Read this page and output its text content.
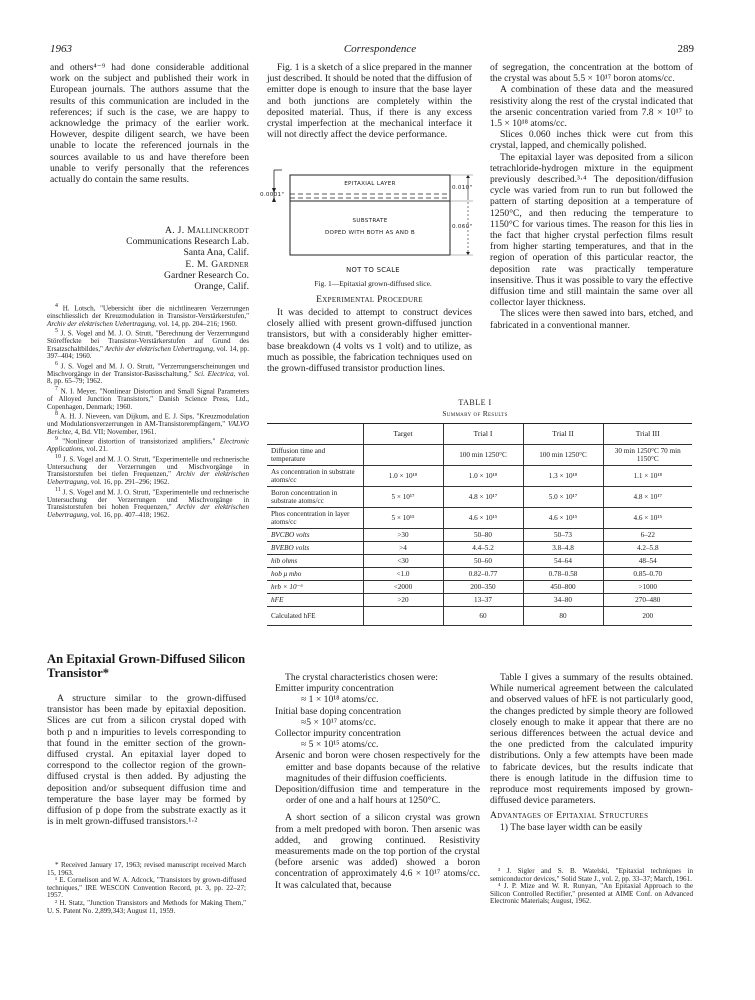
1963	Correspondence	289

and others⁴⁻⁹ had done considerable additional work on the subject and published their work in European journals. The authors assume that the results of this communication are included in the references; if such is the case, we are happy to acknowledge the primacy of the earlier work. However, despite diligent search, we have been unable to locate the referenced journals in the sources available to us and have therefore been unable to verify personally that the references actually do contain the same results.

A. J. Mallinckrodt
Communications Research Lab.
Santa Ana, Calif.
E. M. Gardner
Gardner Research Co.
Orange, Calif.

$^4$ H. Lotsch, "Uebersicht über die nichtlinearen Verzerrungen einschliesslich der Kreuzmodulation in Transistor-Verstärkerstufen," Archiv der elektrischen Uebertragung, vol. 14, pp. 204–216; 1960.

$^5$ J. S. Vogel and M. J. O. Strutt, "Berechnung der Verzerrungund Störeffeckte bei Transistor-Verstärkerstufen auf Grund des Ersatzschaltbildes," Archiv der elektrischen Uebertragung, vol. 14, pp. 397–404; 1960.

$^6$ J. S. Vogel and M. J. O. Strutt, "Verzerrungserscheinungen und Mischvorgänge in der Transistor-Basisschaltung," Sci. Electrica, vol. 8, pp. 65–79; 1962.

$^7$ N. I. Meyer, "Nonlinear Distortion and Small Signal Parameters of Alloyed Junction Transistors," Danish Science Press, Ltd., Copenhagen, Denmark; 1960.

$^8$ A. H. J. Nieveen, van Dijkum, and E. J. Sips, "Kreuzmodulation und Modulationsverzerrungen in AM-Transistorempfängern," VALVO Berichte, 4, Bd. VII; November, 1961.

$^9$ "Nonlinear distortion of transistorized amplifiers," Electronic Applications, vol. 21.

$^{10}$ J. S. Vogel and M. J. O. Strutt, "Experimentelle und rechnerische Untersuchung der Verzerrungen und Mischvorgänge in Transistorstufen bei tiefen Frequenzen," Archiv der elektrischen Uebertragung, vol. 16, pp. 291–296; 1962.

$^{11}$ J. S. Vogel and M. J. O. Strutt, "Experimentelle und rechnerische Untersuchung der Verzerrungen und Mischvorgänge in Transistorstufen bei hohen Frequenzen," Archiv der elektrischen Uebertragung, vol. 16, pp. 407–418; 1962.

Fig. 1 is a sketch of a slice prepared in the manner just described. It should be noted that the diffusion of emitter dope is enough to insure that the base layer and both junctions are completely within the deposited material. Thus, if there is any excess crystal imperfection at the mechanical interface it will not directly affect the device performance.

EPITAXIAL LAYER
SUBSTRATE
DOPED WITH BOTH AS AND B
0.0001"
0.010"
0.060"
NOT TO SCALE
Fig. 1—Epitaxial grown-diffused slice.
Experimental Procedure

It was decided to attempt to construct devices closely allied with present grown-diffused junction transistors, but with a considerably higher emitter-base breakdown (4 volts vs 1 volt) and to utilize, as much as possible, the fabrication techniques used on the grown-diffused transistor production lines.

of segregation, the concentration at the bottom of the crystal was about 5.5 × 10¹⁷ boron atoms/cc.

A combination of these data and the measured resistivity along the rest of the crystal indicated that the arsenic concentration varied from 7.8 × 10¹⁷ to 1.5 × 10¹⁸ atoms/cc.

Slices 0.060 inches thick were cut from this crystal, lapped, and chemically polished.

The epitaxial layer was deposited from a silicon tetrachloride-hydrogen mixture in the equipment previously described.³·⁴ The deposition/diffusion cycle was varied from run to run but followed the pattern of starting deposition at a temperature of 1250°C, and then reducing the temperature to 1150°C for various times. The reason for this lies in the fact that higher crystal perfection films result from higher starting temperatures, and that in the region of operation of this particular reactor, the deposition rate was practically temperature insensitive. Thus it was possible to vary the effective diffusion time and still maintain the same over all collector layer thickness.

The slices were then sawed into bars, etched, and fabricated in a conventional manner.

TABLE I
Summary of Results
	Target	Trial I	Trial II	Trial III
Diffusion time and temperature		100 min 1250°C	100 min 1250°C	30 min 1250°C 70 min 1150°C
As concentration in substrate atoms/cc	1.0 × 10¹⁸	1.0 × 10¹⁸	1.3 × 10¹⁸	1.1 × 10¹⁸
Boron concentration in substrate atoms/cc	5 × 10¹⁷	4.8 × 10¹⁷	5.0 × 10¹⁷	4.8 × 10¹⁷
Phos concentration in layer atoms/cc	5 × 10¹⁵	4.6 × 10¹⁵	4.6 × 10¹⁵	4.6 × 10¹⁵
BVCBO volts	>30	50–80	50–73	6–22
BVEBO volts	>4	4.4–5.2	3.8–4.8	4.2–5.8
hib ohms	<30	50–60	54–64	48–54
hob μ mho	<1.0	0.82–0.77	0.78–0.58	0.85–0.70
hrb × 10⁻⁶	<2000	200–350	450–800	>1000
hFE	>20	13–37	34–80	270–480
Calculated hFE		60	80	200
An Epitaxial Grown-Diffused Silicon Transistor*

A structure similar to the grown-diffused transistor has been made by epitaxial deposition. Slices are cut from a silicon crystal doped with both p and n impurities to levels corresponding to that found in the emitter section of the grown-diffused crystal. An epitaxial layer doped to correspond to the collector region of the grown-diffused crystal is then added. By adjusting the deposition and/or subsequent diffusion time and temperature the base layer may be formed by diffusion of p dope from the substrate exactly as it is in melt grown-diffused transistors.¹·²

* Received January 17, 1963; revised manuscript received March 15, 1963.

¹ E. Cornelison and W. A. Adcock, "Transistors by grown-diffused techniques," IRE WESCON Convention Record, pt. 3, pp. 22–27; 1957.

² H. Statz, "Junction Transistors and Methods for Making Them," U. S. Patent No. 2,899,343; August 11, 1959.

The crystal characteristics chosen were:

Emitter impurity concentration

≈ 1 × 10¹⁸ atoms/cc.

Initial base doping concentration

≈5 × 10¹⁷ atoms/cc.

Collector impurity concentration

≈ 5 × 10¹⁵ atoms/cc.

Arsenic and boron were chosen respectively for the emitter and base dopants because of the relative magnitudes of their diffusion coefficients.

Deposition/diffusion time and temperature in the order of one and a half hours at 1250°C.

A short section of a silicon crystal was grown from a melt predoped with boron. Then arsenic was added, and growing continued. Resistivity measurements made on the top portion of the crystal (before arsenic was added) showed a boron concentration of approximately 4.6 × 10¹⁷ atoms/cc. It was calculated that, because

Table I gives a summary of the results obtained. While numerical agreement between the calculated and observed values of hFE is not particularly good, the changes predicted by simple theory are followed closely enough to make it appear that there are no serious differences between the actual device and the one predicted from the calculated impurity distributions. Only a few attempts have been made to fabricate devices, but the results indicate that there is enough latitude in the diffusion time to reproduce most requirements imposed by grown-diffused device parameters.

Advantages of Epitaxial Structures

1) The base layer width can be easily

³ J. Sigler and S. B. Watelski, "Epitaxial techniques in semiconductor devices," Solid State J., vol. 2, pp. 33–37; March, 1961.

⁴ J. P. Mize and W. R. Runyan, "An Epitaxial Approach to the Silicon Controlled Rectifier," presented at AIME Conf. on Advanced Electronic Materials; August, 1962.
